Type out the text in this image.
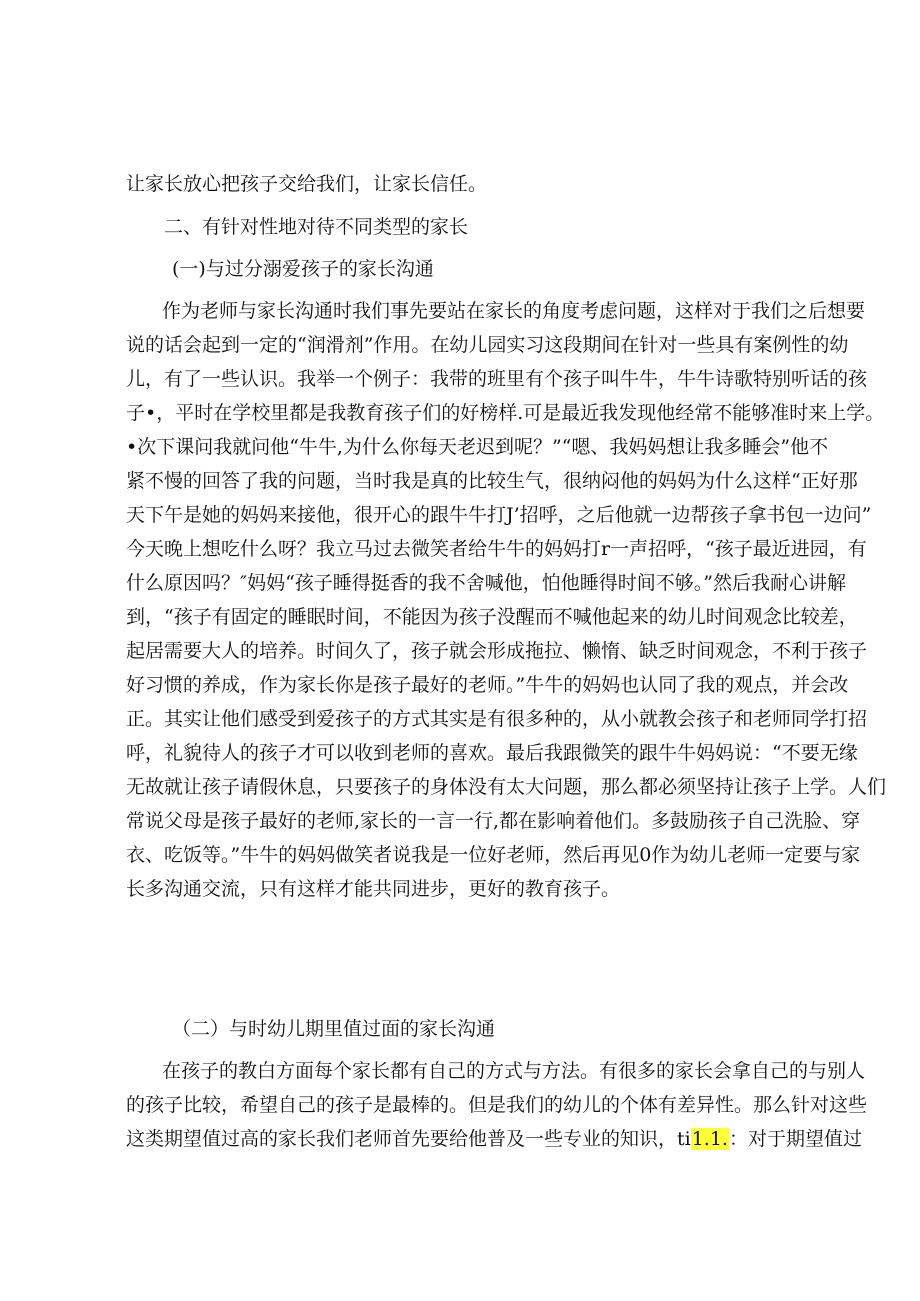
让家长放心把孩子交给我们，让家长信任。
二、有针对性地对待不同类型的家长
(一)与过分溺爱孩子的家长沟通
作为老师与家长沟通时我们事先要站在家长的角度考虑问题，这样对于我们之后想要
说的话会起到一定的“润滑剂”作用。在幼儿园实习这段期间在针对一些具有案例性的幼
儿，有了一些认识。我举一个例子：我带的班里有个孩子叫牛牛，牛牛诗歌特别听话的孩
子•，平时在学校里都是我教育孩子们的好榜样.可是最近我发现他经常不能够准时来上学。
•次下课问我就问他“牛牛,为什么你每天老迟到呢？”“嗯、我妈妈想让我多睡会”他不
紧不慢的回答了我的问题，当时我是真的比较生气，很纳闷他的妈妈为什么这样“正好那
天下午是她的妈妈来接他，很开心的跟牛牛打J’招呼，之后他就一边帮孩子拿书包一边问”
今天晚上想吃什么呀？我立马过去微笑者给牛牛的妈妈打r一声招呼，“孩子最近进园，有
什么原因吗？″妈妈“孩子睡得挺香的我不舍喊他，怕他睡得时间不够。”然后我耐心讲解
到，“孩子有固定的睡眠时间，不能因为孩子没醒而不喊他起来的幼儿时间观念比较差，
起居需要大人的培养。时间久了，孩子就会形成拖拉、懒惰、缺乏时间观念，不利于孩子
好习惯的养成，作为家长你是孩子最好的老师。”牛牛的妈妈也认同了我的观点，并会改
正。其实让他们感受到爱孩子的方式其实是有很多种的，从小就教会孩子和老师同学打招
呼，礼貌待人的孩子才可以收到老师的喜欢。最后我跟微笑的跟牛牛妈妈说：“不要无缘
无故就让孩子请假休息，只要孩子的身体没有太大问题，那么都必须坚持让孩子上学。人们
常说父母是孩子最好的老师,家长的一言一行,都在影响着他们。多鼓励孩子自己洗脸、穿
衣、吃饭等。”牛牛的妈妈做笑者说我是一位好老师，然后再见0作为幼儿老师一定要与家
长多沟通交流，只有这样才能共同进步，更好的教育孩子。
（二）与时幼儿期里值过面的家长沟通
在孩子的教白方面每个家长都有自己的方式与方法。有很多的家长会拿自己的与别人
的孩子比较，希望自己的孩子是最棒的。但是我们的幼儿的个体有差异性。那么针对这些
这类期望值过高的家长我们老师首先要给他普及一些专业的知识，ti1.1.：对于期望值过
